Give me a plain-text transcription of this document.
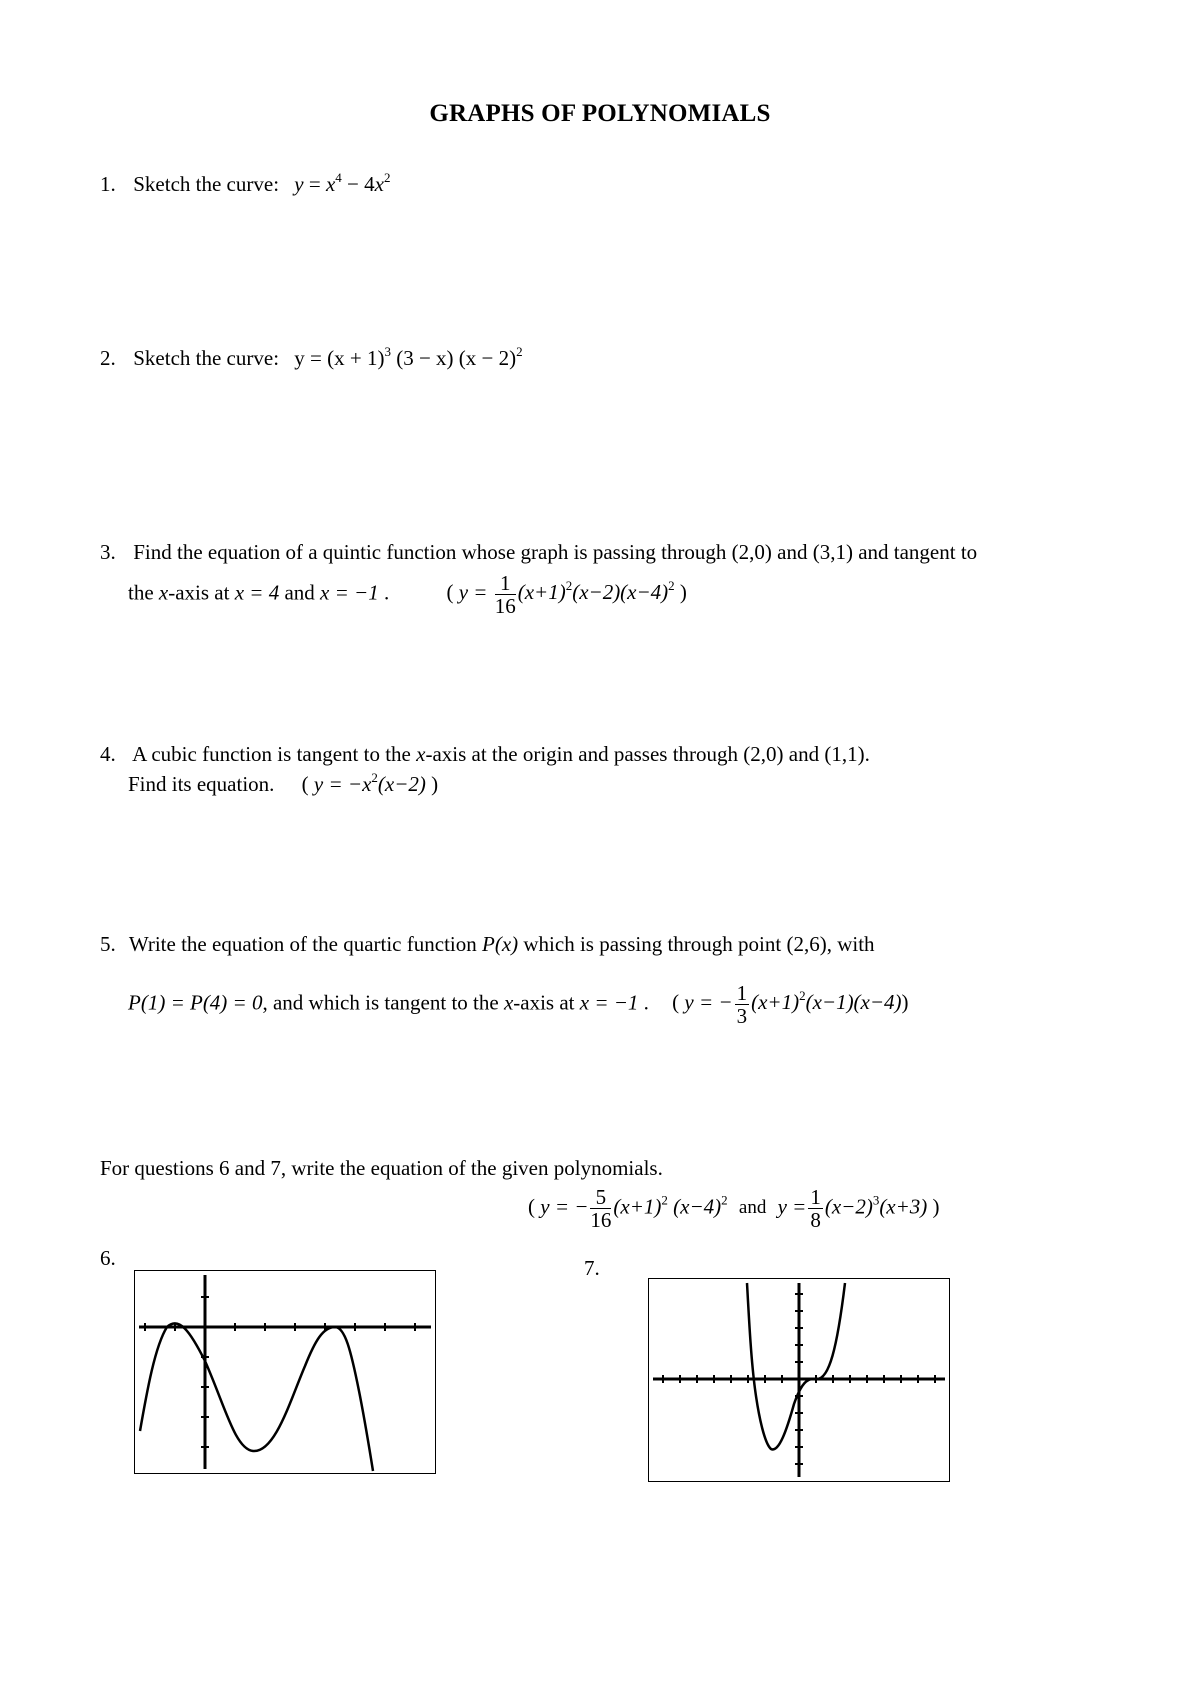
GRAPHS OF POLYNOMIALS
1. Sketch the curve: $y = x^4 - 4x^2$
2. Sketch the curve: $y = (x + 1)^3$ (3 − x) $(x - 2)^2$
3. Find the equation of a quintic function whose graph is passing through (2,0) and (3,1) and tangent to
the x-axis at x = 4 and x = −1 .	( $y = \frac{1}{16} (x+1)^2(x-2)(x-4)^2$ )
4. A cubic function is tangent to the x-axis at the origin and passes through (2,0) and (1,1).
Find its equation. ( $y = -x^2(x-2)$ )
5. Write the equation of the quartic function P(x) which is passing through point (2,6), with
P(1) = P(4) = 0, and which is tangent to the x-axis at x = −1 . ( y = − $\frac{1}{3} (x+1)^2(x-1)(x-4)$)
For questions 6 and 7, write the equation of the given polynomials.
( y = − $\frac{5}{16} (x+1)^2$ $(x-4)^2$ and $y = \frac{1}{8} (x-2)^3(x+3)$ )
6.	7.
